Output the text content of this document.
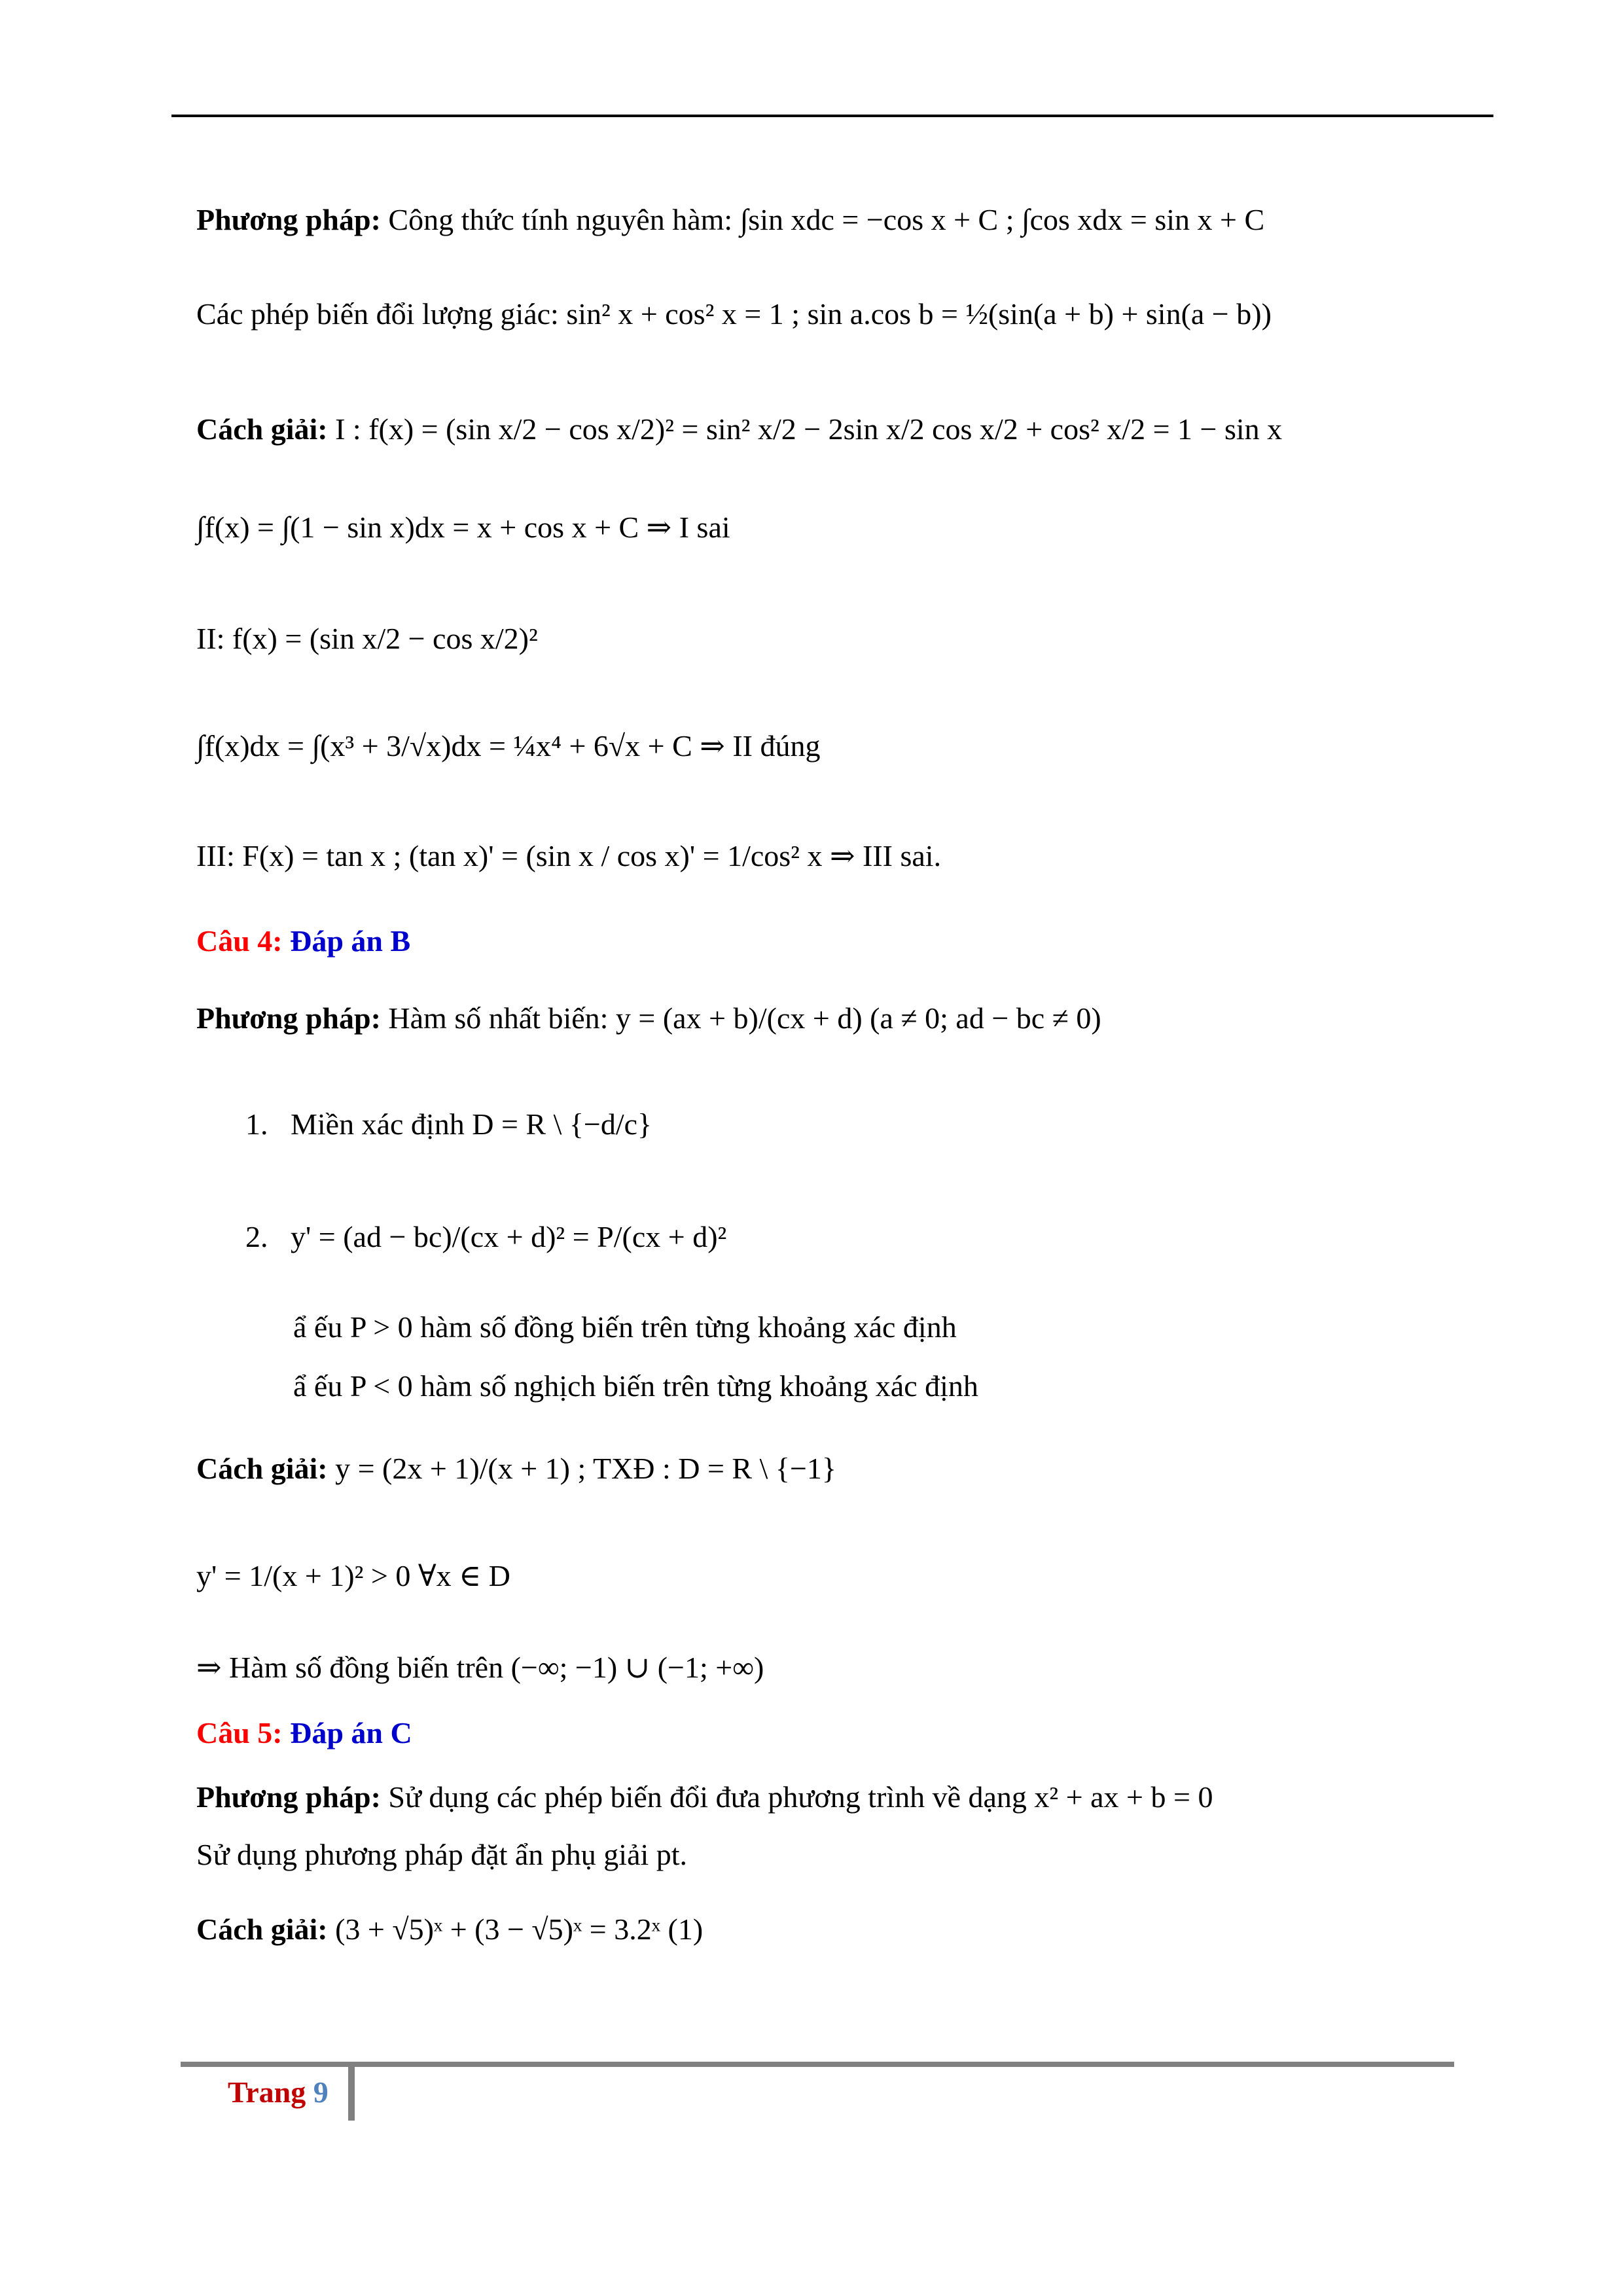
Phương pháp: Công thức tính nguyên hàm: ∫sin xdc = −cos x + C ; ∫cos xdx = sin x + C
Các phép biến đổi lượng giác: sin² x + cos² x = 1 ; sin a.cos b = ½(sin(a + b) + sin(a − b))
Cách giải: I : f(x) = (sin x/2 − cos x/2)² = sin² x/2 − 2sin x/2 cos x/2 + cos² x/2 = 1 − sin x
∫f(x) = ∫(1 − sin x)dx = x + cos x + C ⇒ I sai
II: f(x) = (sin x/2 − cos x/2)²
∫f(x)dx = ∫(x³ + 3/√x)dx = ¼x⁴ + 6√x + C ⇒ II đúng
III: F(x) = tan x ; (tan x)' = (sin x / cos x)' = 1/cos² x ⇒ III sai.
Câu 4: Đáp án B
Phương pháp: Hàm số nhất biến: y = (ax + b)/(cx + d) (a ≠ 0; ad − bc ≠ 0)
1. Miền xác định D = R \ {−d/c}
2. y' = (ad − bc)/(cx + d)² = P/(cx + d)²
ẩ ếu P > 0 hàm số đồng biến trên từng khoảng xác định
ẩ ếu P < 0 hàm số nghịch biến trên từng khoảng xác định
Cách giải: y = (2x + 1)/(x + 1) ; TXĐ : D = R \ {−1}
y' = 1/(x + 1)² > 0 ∀x ∈ D
⇒ Hàm số đồng biến trên (−∞; −1) ∪ (−1; +∞)
Câu 5: Đáp án C
Phương pháp: Sử dụng các phép biến đổi đưa phương trình về dạng x² + ax + b = 0
Sử dụng phương pháp đặt ẩn phụ giải pt.
Cách giải: (3 + √5)ˣ + (3 − √5)ˣ = 3.2ˣ (1)
Trang 9
